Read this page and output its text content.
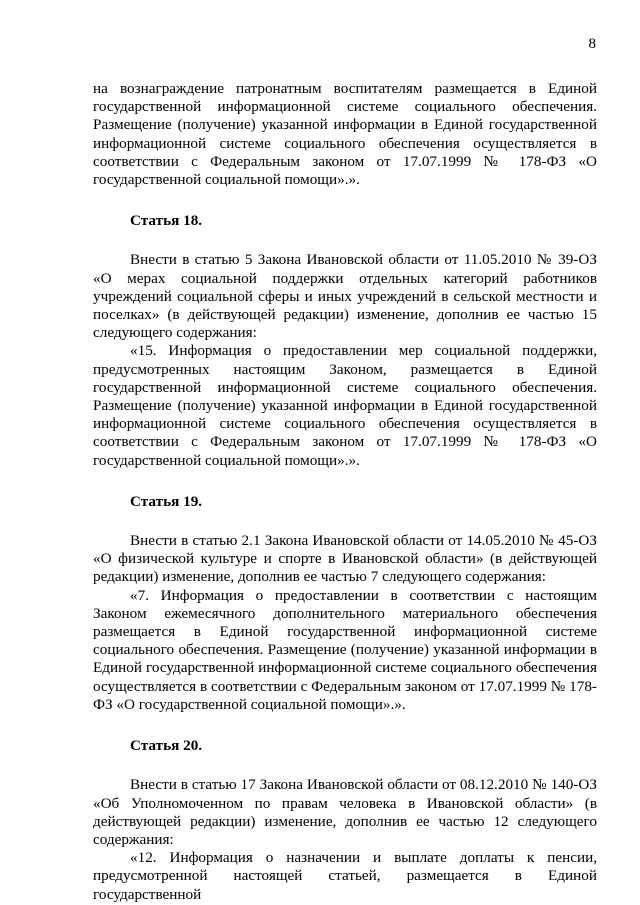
8

на вознаграждение патронатным воспитателям размещается в Единой государственной информационной системе социального обеспечения. Размещение (получение) указанной информации в Единой государственной информационной системе социального обеспечения осуществляется в соответствии с Федеральным законом от 17.07.1999 № 178-ФЗ «О государственной социальной помощи».».

Статья 18.

Внести в статью 5 Закона Ивановской области от 11.05.2010 № 39-ОЗ «О мерах социальной поддержки отдельных категорий работников учреждений социальной сферы и иных учреждений в сельской местности и поселках» (в действующей редакции) изменение, дополнив ее частью 15 следующего содержания:

«15. Информация о предоставлении мер социальной поддержки, предусмотренных настоящим Законом, размещается в Единой государственной информационной системе социального обеспечения. Размещение (получение) указанной информации в Единой государственной информационной системе социального обеспечения осуществляется в соответствии с Федеральным законом от 17.07.1999 № 178-ФЗ «О государственной социальной помощи».».

Статья 19.

Внести в статью 2.1 Закона Ивановской области от 14.05.2010 № 45-ОЗ «О физической культуре и спорте в Ивановской области» (в действующей редакции) изменение, дополнив ее частью 7 следующего содержания:

«7. Информация о предоставлении в соответствии с настоящим Законом ежемесячного дополнительного материального обеспечения размещается в Единой государственной информационной системе социального обеспечения. Размещение (получение) указанной информации в Единой государственной информационной системе социального обеспечения осуществляется в соответствии с Федеральным законом от 17.07.1999 № 178-ФЗ «О государственной социальной помощи».».

Статья 20.

Внести в статью 17 Закона Ивановской области от 08.12.2010 № 140-ОЗ «Об Уполномоченном по правам человека в Ивановской области» (в действующей редакции) изменение, дополнив ее частью 12 следующего содержания:

«12. Информация о назначении и выплате доплаты к пенсии, предусмотренной настоящей статьей, размещается в Единой государственной
